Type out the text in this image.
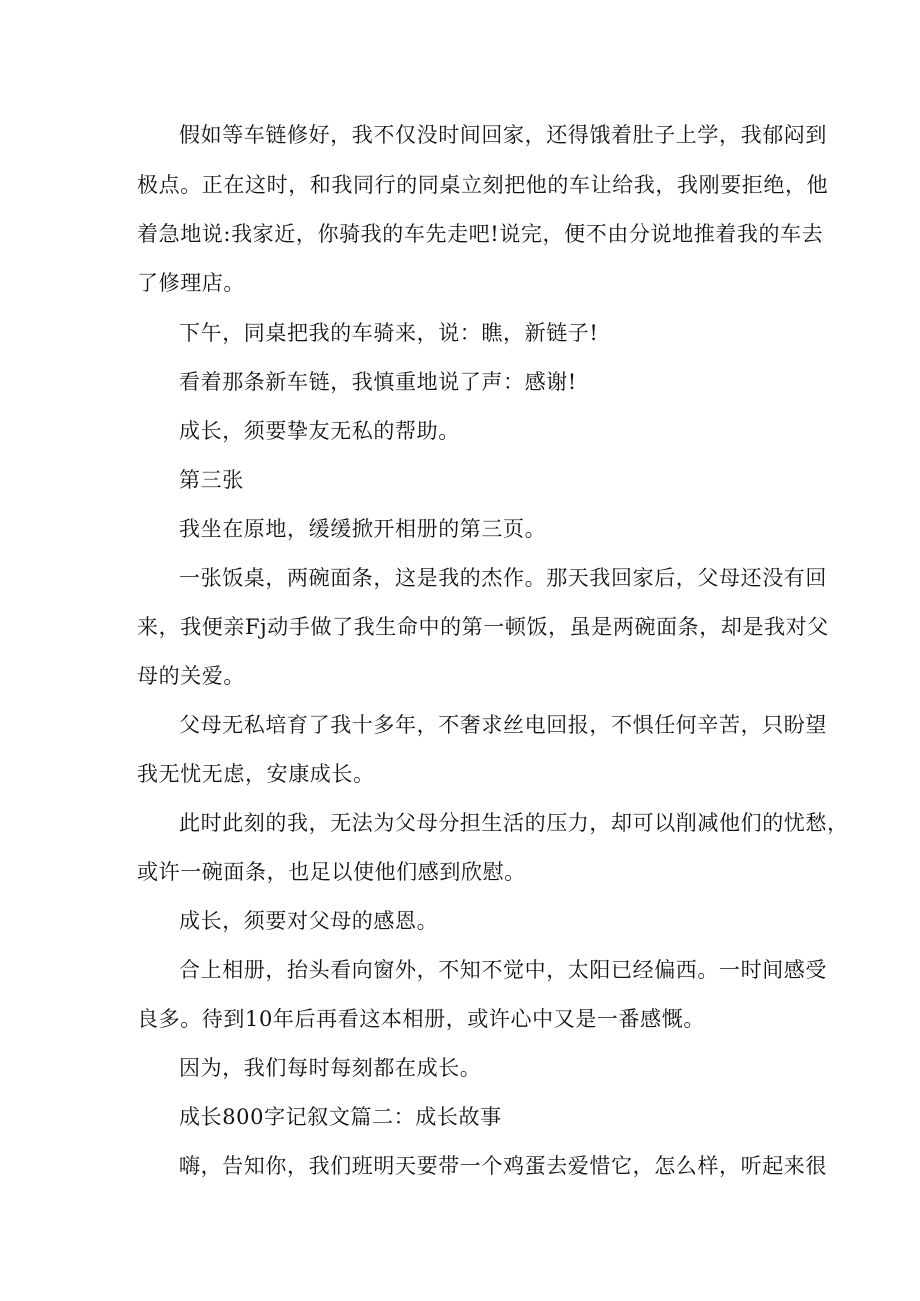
假如等车链修好，我不仅没时间回家，还得饿着肚子上学，我郁闷到
极点。正在这时，和我同行的同桌立刻把他的车让给我，我刚要拒绝，他
着急地说:我家近，你骑我的车先走吧!说完，便不由分说地推着我的车去
了修理店。
下午，同桌把我的车骑来，说：瞧，新链子!
看着那条新车链，我慎重地说了声：感谢!
成长，须要挚友无私的帮助。
第三张
我坐在原地，缓缓掀开相册的第三页。
一张饭桌，两碗面条，这是我的杰作。那天我回家后，父母还没有回
来，我便亲Fj动手做了我生命中的第一顿饭，虽是两碗面条，却是我对父
母的关爱。
父母无私培育了我十多年，不奢求丝电回报，不惧任何辛苦，只盼望
我无忧无虑，安康成长。
此时此刻的我，无法为父母分担生活的压力，却可以削减他们的忧愁，
或许一碗面条，也足以使他们感到欣慰。
成长，须要对父母的感恩。
合上相册，抬头看向窗外，不知不觉中，太阳已经偏西。一时间感受
良多。待到10年后再看这本相册，或许心中又是一番感慨。
因为，我们每时每刻都在成长。
成长800字记叙文篇二：成长故事
嗨，告知你，我们班明天要带一个鸡蛋去爱惜它，怎么样，听起来很
